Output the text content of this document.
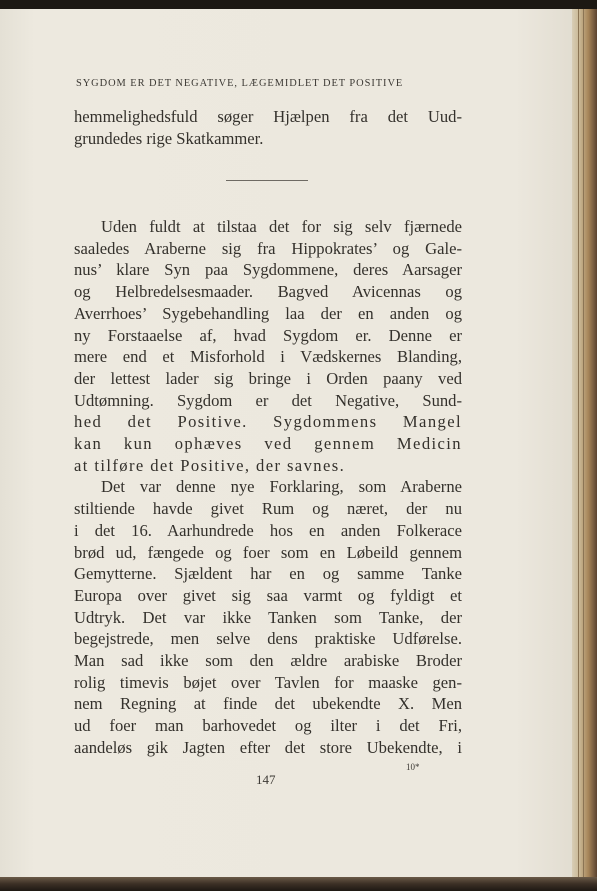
SYGDOM ER DET NEGATIVE, LÆGEMIDLET DET POSITIVE
hemmelighedsfuld søger Hjælpen fra det Uud-
grundedes rige Skatkammer.
Uden fuldt at tilstaa det for sig selv fjærnede
saaledes Araberne sig fra Hippokrates’ og Gale-
nus’ klare Syn paa Sygdommene, deres Aarsager
og Helbredelsesmaader. Bagved Avicennas og
Averrhoes’ Sygebehandling laa der en anden og
ny Forstaaelse af, hvad Sygdom er. Denne er
mere end et Misforhold i Vædskernes Blanding,
der lettest lader sig bringe i Orden paany ved
Udtømning. Sygdom er det Negative, Sund-
hed det Positive. Sygdommens Mangel
kan kun ophæves ved gennem Medicin
at tilføre det Positive, der savnes.
Det var denne nye Forklaring, som Araberne
stiltiende havde givet Rum og næret, der nu
i det 16. Aarhundrede hos en anden Folkerace
brød ud, fængede og foer som en Løbeild gennem
Gemytterne. Sjældent har en og samme Tanke
Europa over givet sig saa varmt og fyldigt et
Udtryk. Det var ikke Tanken som Tanke, der
begejstrede, men selve dens praktiske Udførelse.
Man sad ikke som den ældre arabiske Broder
rolig timevis bøjet over Tavlen for maaske gen-
nem Regning at finde det ubekendte X. Men
ud foer man barhovedet og ilter i det Fri,
aandeløs gik Jagten efter det store Ubekendte, i
10*
147
